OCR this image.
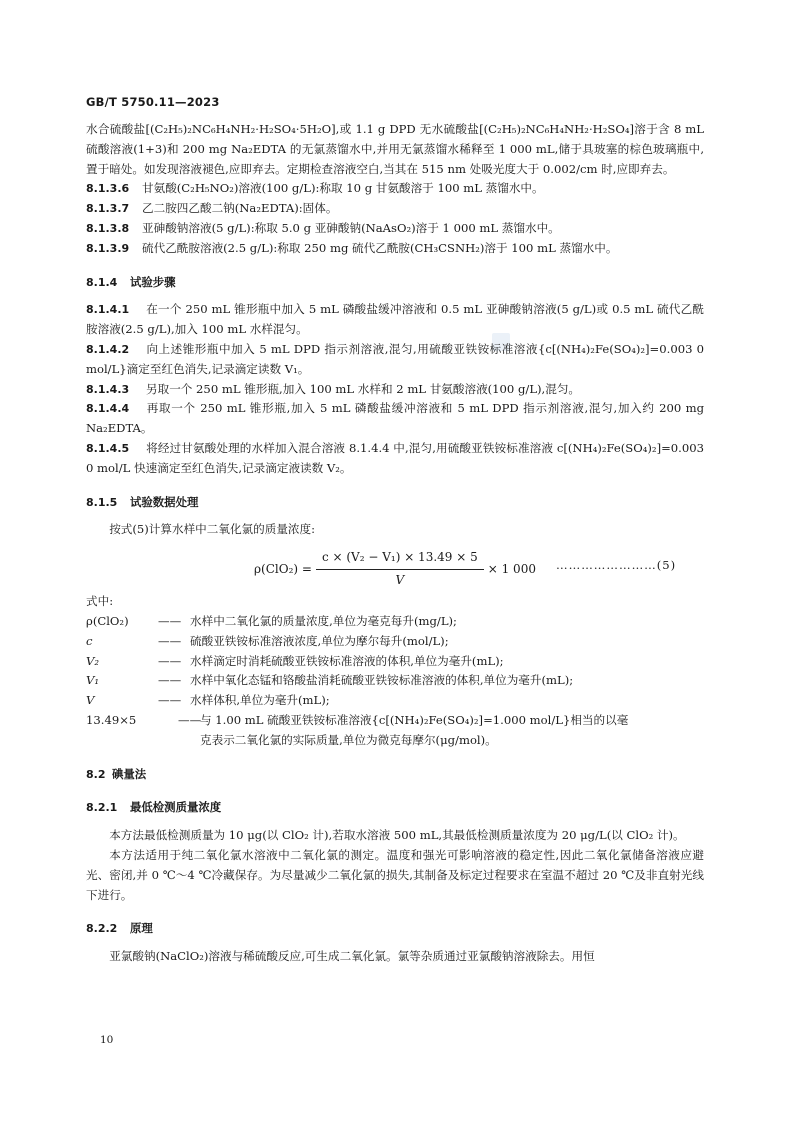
GB/T 5750.11—2023

水合硫酸盐[(C₂H₅)₂NC₆H₄NH₂·H₂SO₄·5H₂O],或 1.1 g DPD 无水硫酸盐[(C₂H₅)₂NC₆H₄NH₂·H₂SO₄]溶于含 8 mL 硫酸溶液(1+3)和 200 mg Na₂EDTA 的无氯蒸馏水中,并用无氯蒸馏水稀释至 1 000 mL,储于具玻塞的棕色玻璃瓶中,置于暗处。如发现溶液褪色,应即弃去。定期检查溶液空白,当其在 515 nm 处吸光度大于 0.002/cm 时,应即弃去。

8.1.3.6 甘氨酸(C₂H₅NO₂)溶液(100 g/L):称取 10 g 甘氨酸溶于 100 mL 蒸馏水中。

8.1.3.7 乙二胺四乙酸二钠(Na₂EDTA):固体。

8.1.3.8 亚砷酸钠溶液(5 g/L):称取 5.0 g 亚砷酸钠(NaAsO₂)溶于 1 000 mL 蒸馏水中。

8.1.3.9 硫代乙酰胺溶液(2.5 g/L):称取 250 mg 硫代乙酰胺(CH₃CSNH₂)溶于 100 mL 蒸馏水中。

8.1.4 试验步骤

8.1.4.1 在一个 250 mL 锥形瓶中加入 5 mL 磷酸盐缓冲溶液和 0.5 mL 亚砷酸钠溶液(5 g/L)或 0.5 mL 硫代乙酰胺溶液(2.5 g/L),加入 100 mL 水样混匀。

8.1.4.2 向上述锥形瓶中加入 5 mL DPD 指示剂溶液,混匀,用硫酸亚铁铵标准溶液{c[(NH₄)₂Fe(SO₄)₂]=0.003 0 mol/L}滴定至红色消失,记录滴定读数 V₁。

8.1.4.3 另取一个 250 mL 锥形瓶,加入 100 mL 水样和 2 mL 甘氨酸溶液(100 g/L),混匀。

8.1.4.4 再取一个 250 mL 锥形瓶,加入 5 mL 磷酸盐缓冲溶液和 5 mL DPD 指示剂溶液,混匀,加入约 200 mg Na₂EDTA。

8.1.4.5 将经过甘氨酸处理的水样加入混合溶液 8.1.4.4 中,混匀,用硫酸亚铁铵标准溶液 c[(NH₄)₂Fe(SO₄)₂]=0.003 0 mol/L 快速滴定至红色消失,记录滴定液读数 V₂。

8.1.5 试验数据处理

按式(5)计算水样中二氧化氯的质量浓度:

$\rho(ClO_2) = \frac{\text{c × (V₂ − V₁) × 13.49 × 5}}{V} \times 1$ 000 ……………………(5)

式中:

ρ(ClO₂)	—— 水样中二氧化氯的质量浓度,单位为毫克每升(mg/L);
c	—— 硫酸亚铁铵标准溶液浓度,单位为摩尔每升(mol/L);
V₂	—— 水样滴定时消耗硫酸亚铁铵标准溶液的体积,单位为毫升(mL);
V₁	—— 水样中氧化态锰和铬酸盐消耗硫酸亚铁铵标准溶液的体积,单位为毫升(mL);
V	—— 水样体积,单位为毫升(mL);
13.49×5	——
与 1.00 mL 硫酸亚铁铵标准溶液{c[(NH₄)₂Fe(SO₄)₂]=1.000 mol/L}相当的以毫

克表示二氧化氯的实际质量,单位为微克每摩尔(μg/mol)。

8.2 碘量法
8.2.1 最低检测质量浓度

本方法最低检测质量为 10 μg(以 ClO₂ 计),若取水溶液 500 mL,其最低检测质量浓度为 20 μg/L(以 ClO₂ 计)。

本方法适用于纯二氧化氯水溶液中二氧化氯的测定。温度和强光可影响溶液的稳定性,因此二氧化氯储备溶液应避光、密闭,并 0 ℃～4 ℃冷藏保存。为尽量减少二氧化氯的损失,其制备及标定过程要求在室温不超过 20 ℃及非直射光线下进行。

8.2.2 原理

亚氯酸钠(NaClO₂)溶液与稀硫酸反应,可生成二氧化氯。氯等杂质通过亚氯酸钠溶液除去。用恒

10
